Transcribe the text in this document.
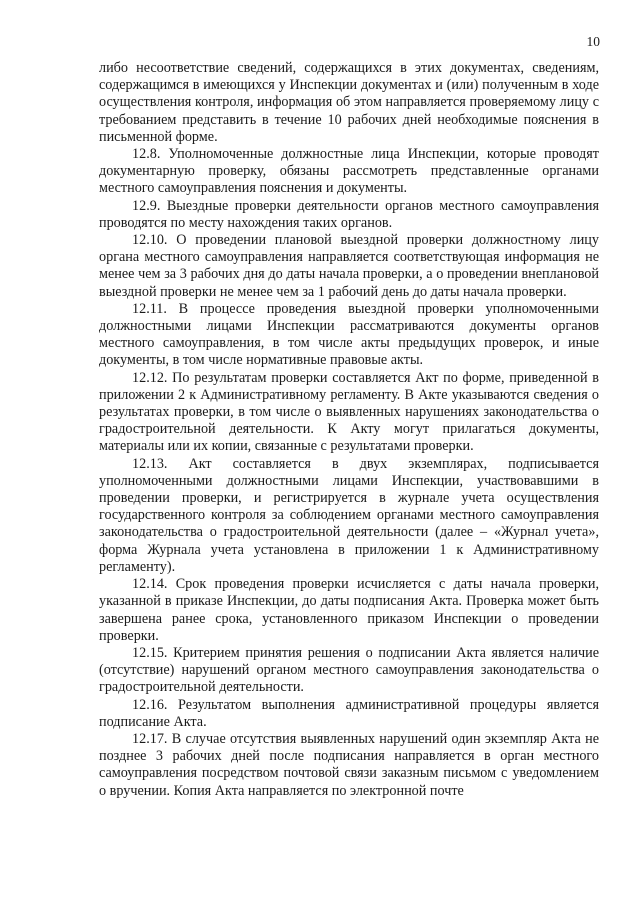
10

либо несоответствие сведений, содержащихся в этих документах, сведениям, содержащимся в имеющихся у Инспекции документах и (или) полученным в ходе осуществления контроля, информация об этом направляется проверяемому лицу с требованием представить в течение 10 рабочих дней необходимые пояснения в письменной форме.

12.8. Уполномоченные должностные лица Инспекции, которые проводят документарную проверку, обязаны рассмотреть представленные органами местного самоуправления пояснения и документы.

12.9. Выездные проверки деятельности органов местного самоуправления проводятся по месту нахождения таких органов.

12.10. О проведении плановой выездной проверки должностному лицу органа местного самоуправления направляется соответствующая информация не менее чем за 3 рабочих дня до даты начала проверки, а о проведении внеплановой выездной проверки не менее чем за 1 рабочий день до даты начала проверки.

12.11. В процессе проведения выездной проверки уполномоченными должностными лицами Инспекции рассматриваются документы органов местного самоуправления, в том числе акты предыдущих проверок, и иные документы, в том числе нормативные правовые акты.

12.12. По результатам проверки составляется Акт по форме, приведенной в приложении 2 к Административному регламенту. В Акте указываются сведения о результатах проверки, в том числе о выявленных нарушениях законодательства о градостроительной деятельности. К Акту могут прилагаться документы, материалы или их копии, связанные с результатами проверки.

12.13. Акт составляется в двух экземплярах, подписывается уполномоченными должностными лицами Инспекции, участвовавшими в проведении проверки, и регистрируется в журнале учета осуществления государственного контроля за соблюдением органами местного самоуправления законодательства о градостроительной деятельности (далее – «Журнал учета», форма Журнала учета установлена в приложении 1 к Административному регламенту).

12.14. Срок проведения проверки исчисляется с даты начала проверки, указанной в приказе Инспекции, до даты подписания Акта. Проверка может быть завершена ранее срока, установленного приказом Инспекции о проведении проверки.

12.15. Критерием принятия решения о подписании Акта является наличие (отсутствие) нарушений органом местного самоуправления законодательства о градостроительной деятельности.

12.16. Результатом выполнения административной процедуры является подписание Акта.

12.17. В случае отсутствия выявленных нарушений один экземпляр Акта не позднее 3 рабочих дней после подписания направляется в орган местного самоуправления посредством почтовой связи заказным письмом с уведомлением о вручении. Копия Акта направляется по электронной почте
